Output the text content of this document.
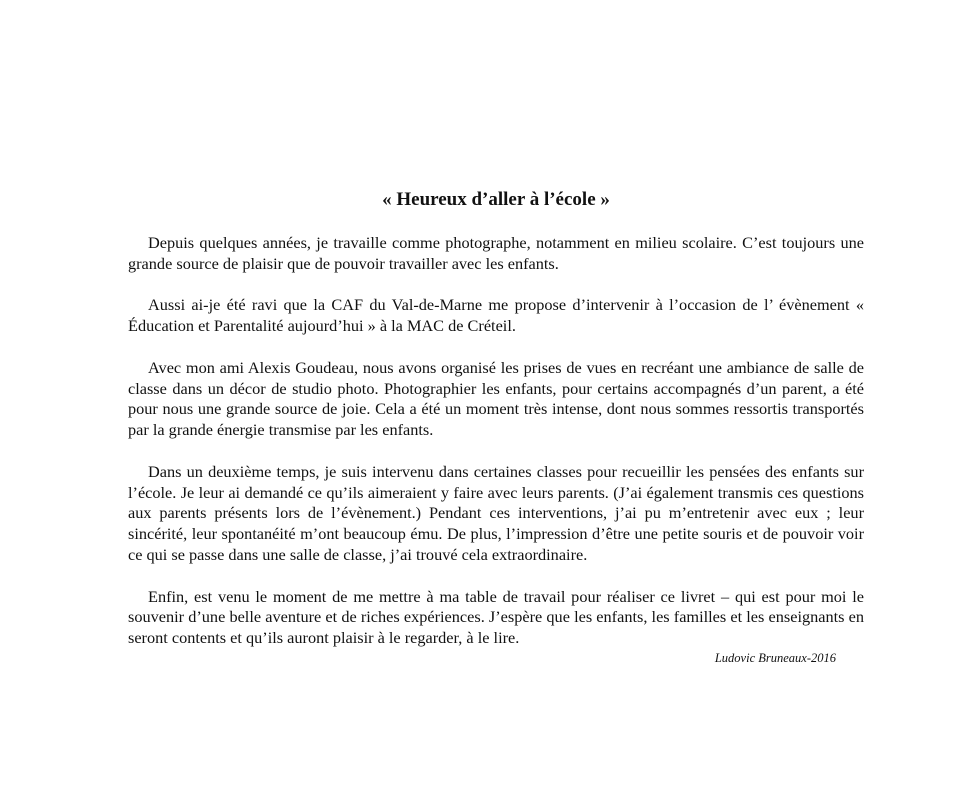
« Heureux d’aller à l’école »

Depuis quelques années, je travaille comme photographe, notamment en milieu scolaire. C’est toujours une grande source de plaisir que de pouvoir travailler avec les enfants.

Aussi ai-je été ravi que la CAF du Val-de-Marne me propose d’intervenir à l’occasion de l’ évènement « Éducation et Parentalité aujourd’hui » à la MAC de Créteil.

Avec mon ami Alexis Goudeau, nous avons organisé les prises de vues en recréant une ambiance de salle de classe dans un décor de studio photo. Photographier les enfants, pour certains accompagnés d’un parent, a été pour nous une grande source de joie. Cela a été un moment très intense, dont nous sommes ressortis transportés par la grande énergie transmise par les enfants.

Dans un deuxième temps, je suis intervenu dans certaines classes pour recueillir les pensées des enfants sur l’école. Je leur ai demandé ce qu’ils aimeraient y faire avec leurs parents. (J’ai également transmis ces questions aux parents présents lors de l’évènement.) Pendant ces interventions, j’ai pu m’entretenir avec eux ; leur sincérité, leur spontanéité m’ont beaucoup ému. De plus, l’impression d’être une petite souris et de pouvoir voir ce qui se passe dans une salle de classe, j’ai trouvé cela extraordinaire.

Enfin, est venu le moment de me mettre à ma table de travail pour réaliser ce livret – qui est pour moi le souvenir d’une belle aventure et de riches expériences. J’espère que les enfants, les familles et les enseignants en seront contents et qu’ils auront plaisir à le regarder, à le lire.

Ludovic Bruneaux-2016
